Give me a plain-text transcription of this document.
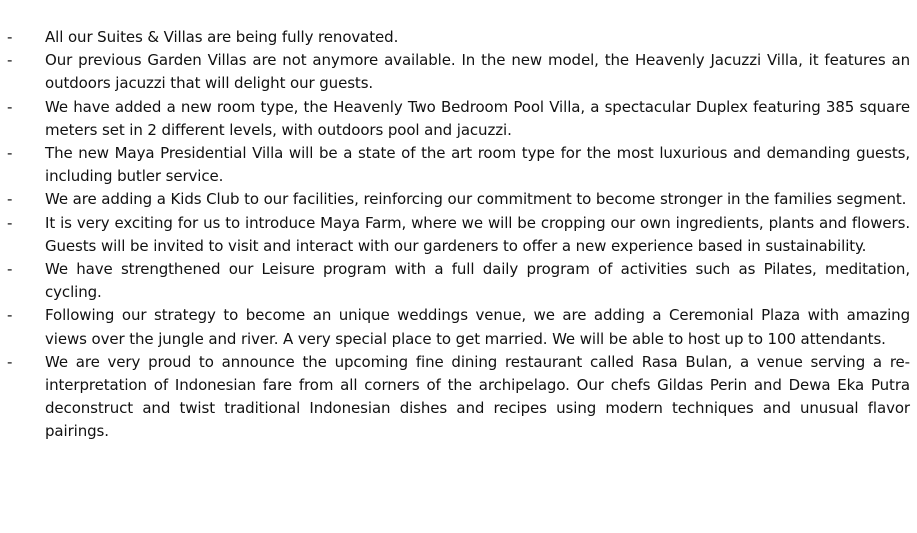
-	All our Suites & Villas are being fully renovated.
-	Our previous Garden Villas are not anymore available. In the new model, the Heavenly Jacuzzi Villa, it features an outdoors jacuzzi that will delight our guests.
-	We have added a new room type, the Heavenly Two Bedroom Pool Villa, a spectacular Duplex featuring 385 square meters set in 2 different levels, with outdoors pool and jacuzzi.
-	The new Maya Presidential Villa will be a state of the art room type for the most luxurious and demanding guests, including butler service.
-	We are adding a Kids Club to our facilities, reinforcing our commitment to become stronger in the families segment.
-	It is very exciting for us to introduce Maya Farm, where we will be cropping our own ingredients, plants and flowers. Guests will be invited to visit and interact with our gardeners to offer a new experience based in sustainability.
-	We have strengthened our Leisure program with a full daily program of activities such as Pilates, meditation, cycling.
-	Following our strategy to become an unique weddings venue, we are adding a Ceremonial Plaza with amazing views over the jungle and river. A very special place to get married. We will be able to host up to 100 attendants.
-	We are very proud to announce the upcoming fine dining restaurant called Rasa Bulan, a venue serving a re-interpretation of Indonesian fare from all corners of the archipelago. Our chefs Gildas Perin and Dewa Eka Putra deconstruct and twist traditional Indonesian dishes and recipes using modern techniques and unusual flavor pairings.
